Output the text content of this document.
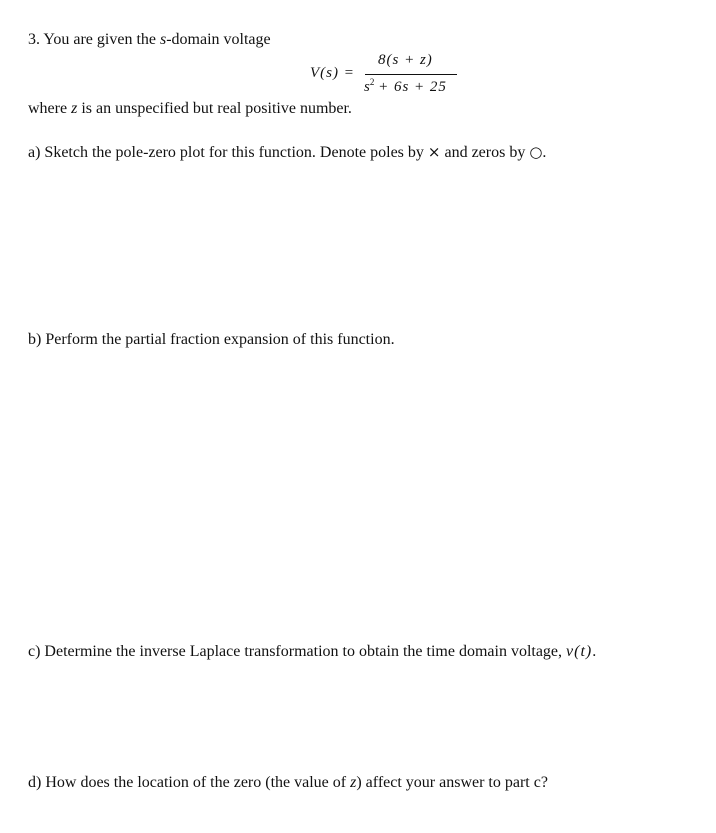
3. You are given the s-domain voltage
V(s) =
8(s + z)
$s^2 + 6s + 25$
where z is an unspecified but real positive number.
a) Sketch the pole-zero plot for this function. Denote poles by × and zeros by ○.
b) Perform the partial fraction expansion of this function.
c) Determine the inverse Laplace transformation to obtain the time domain voltage, v(t).
d) How does the location of the zero (the value of z) affect your answer to part c?
